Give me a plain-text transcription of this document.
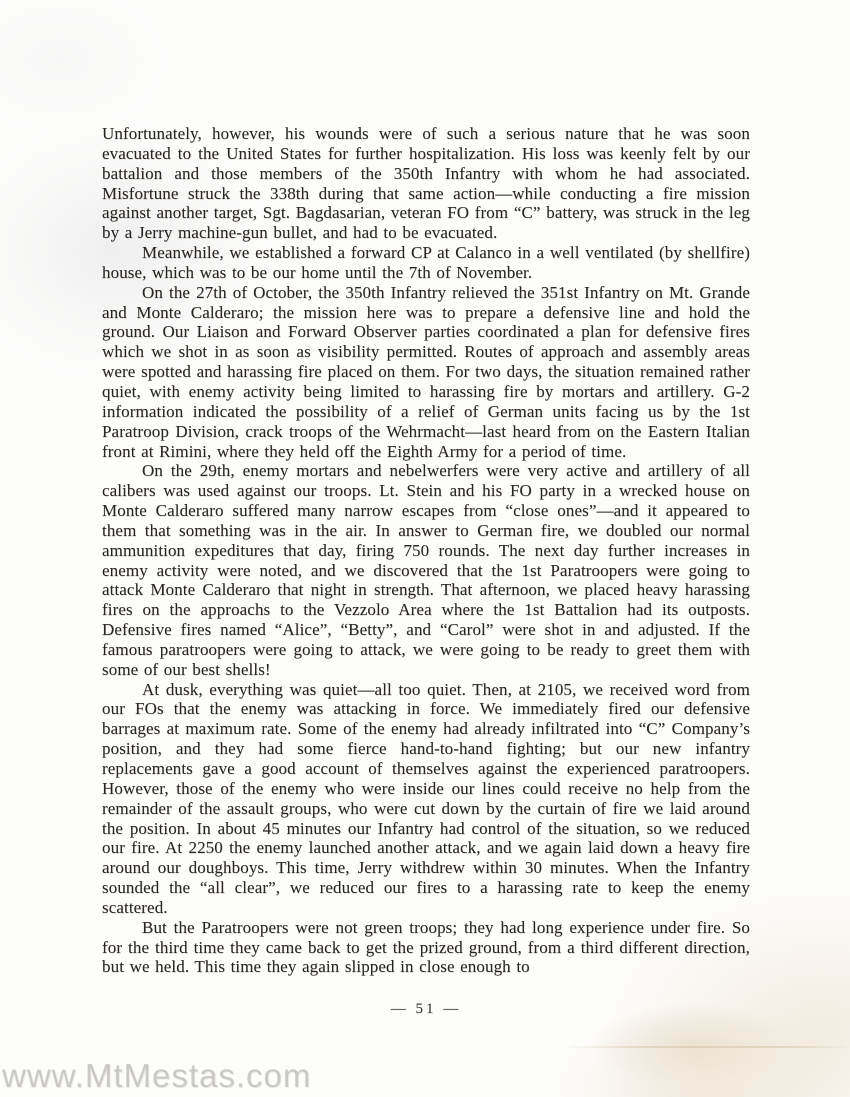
Unfortunately, however, his wounds were of such a serious nature that he was soon evacuated to the United States for further hospitalization. His loss was keenly felt by our battalion and those members of the 350th Infantry with whom he had associated. Misfortune struck the 338th during that same action—while conducting a fire mission against another target, Sgt. Bagdasarian, veteran FO from “C” battery, was struck in the leg by a Jerry machine-gun bullet, and had to be evacuated.

Meanwhile, we established a forward CP at Calanco in a well ventilated (by shellfire) house, which was to be our home until the 7th of November.

On the 27th of October, the 350th Infantry relieved the 351st Infantry on Mt. Grande and Monte Calderaro; the mission here was to prepare a defensive line and hold the ground. Our Liaison and Forward Observer parties coordinated a plan for defensive fires which we shot in as soon as visibility permitted. Routes of approach and assembly areas were spotted and harassing fire placed on them. For two days, the situation remained rather quiet, with enemy activity being limited to harassing fire by mortars and artillery. G-2 information indicated the possibility of a relief of German units facing us by the 1st Paratroop Division, crack troops of the Wehrmacht—last heard from on the Eastern Italian front at Rimini, where they held off the Eighth Army for a period of time.

On the 29th, enemy mortars and nebelwerfers were very active and artillery of all calibers was used against our troops. Lt. Stein and his FO party in a wrecked house on Monte Calderaro suffered many narrow escapes from “close ones”—and it appeared to them that something was in the air. In answer to German fire, we doubled our normal ammunition expeditures that day, firing 750 rounds. The next day further increases in enemy activity were noted, and we discovered that the 1st Paratroopers were going to attack Monte Calderaro that night in strength. That afternoon, we placed heavy harassing fires on the approachs to the Vezzolo Area where the 1st Battalion had its outposts. Defensive fires named “Alice”, “Betty”, and “Carol” were shot in and adjusted. If the famous paratroopers were going to attack, we were going to be ready to greet them with some of our best shells!

At dusk, everything was quiet—all too quiet. Then, at 2105, we received word from our FOs that the enemy was attacking in force. We immediately fired our defensive barrages at maximum rate. Some of the enemy had already infiltrated into “C” Company’s position, and they had some fierce hand-to-hand fighting; but our new infantry replacements gave a good account of themselves against the experienced paratroopers. However, those of the enemy who were inside our lines could receive no help from the remainder of the assault groups, who were cut down by the curtain of fire we laid around the position. In about 45 minutes our Infantry had control of the situation, so we reduced our fire. At 2250 the enemy launched another attack, and we again laid down a heavy fire around our doughboys. This time, Jerry withdrew within 30 minutes. When the Infantry sounded the “all clear”, we reduced our fires to a harassing rate to keep the enemy scattered.

But the Paratroopers were not green troops; they had long experience under fire. So for the third time they came back to get the prized ground, from a third different direction, but we held. This time they again slipped in close enough to

— 51 —
www.MtMestas.com
